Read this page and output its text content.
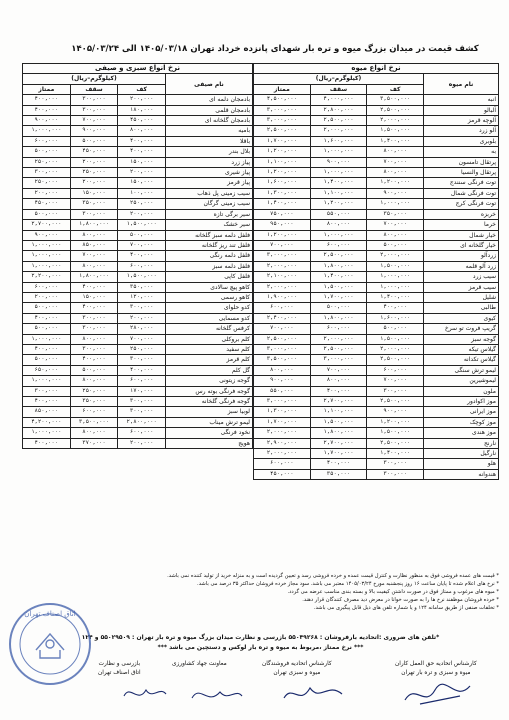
کشف قیمت در میدان بزرگ میوه و تره بار شهدای پانزده خرداد تهران ۱۴۰۵/۰۳/۱۸ الی ۱۴۰۵/۰۳/۲۴
نرخ انواع میوه			
نام میوه	(کیلوگرم–ریال)		
	کف	سقف	ممتاز
انبه	۳,۵۰۰,۰۰۰	۴,۰۰۰,۰۰۰	۴,۵۰۰,۰۰۰
آلبالو	۲,۵۰۰,۰۰۰	۲,۸۰۰,۰۰۰	۳,۰۰۰,۰۰۰
آلوچه قرمز	۲,۰۰۰,۰۰۰	۲,۵۰۰,۰۰۰	۳,۰۰۰,۰۰۰
آلو زرد	۱,۵۰۰,۰۰۰	۲,۰۰۰,۰۰۰	۲,۵۰۰,۰۰۰
بلوبری	۱,۴۰۰,۰۰۰	۱,۶۰۰,۰۰۰	۱,۷۰۰,۰۰۰
به	۸۰۰,۰۰۰	۱,۰۰۰,۰۰۰	۱,۲۰۰,۰۰۰
پرتقال تامسون	۷۰۰,۰۰۰	۹۰۰,۰۰۰	۱,۱۰۰,۰۰۰
پرتقال والنسیا	۸۰۰,۰۰۰	۱,۰۰۰,۰۰۰	۱,۲۰۰,۰۰۰
توت فرنگی سنندج	۱,۲۰۰,۰۰۰	۱,۴۰۰,۰۰۰	۱,۶۰۰,۰۰۰
توت فرنگی شمال	۹۰۰,۰۰۰	۱,۱۰۰,۰۰۰	۱,۳۰۰,۰۰۰
توت فرنگی کرج	۱,۰۰۰,۰۰۰	۱,۲۰۰,۰۰۰	۱,۴۰۰,۰۰۰
خربزه	۳۵۰,۰۰۰	۵۵۰,۰۰۰	۷۵۰,۰۰۰
خرما	۷۰۰,۰۰۰	۸۰۰,۰۰۰	۹۵۰,۰۰۰
خیار شمال	۸۰۰,۰۰۰	۱,۰۰۰,۰۰۰	۱,۲۰۰,۰۰۰
خیار گلخانه ای	۵۰۰,۰۰۰	۶۰۰,۰۰۰	۷۰۰,۰۰۰
زردآلو	۲,۰۰۰,۰۰۰	۲,۵۰۰,۰۰۰	۳,۰۰۰,۰۰۰
زرد آلو قلمه	۱,۵۰۰,۰۰۰	۱,۸۰۰,۰۰۰	۲,۰۰۰,۰۰۰
سیب زرد	۱,۰۰۰,۰۰۰	۱,۴۰۰,۰۰۰	۲,۱۰۰,۰۰۰
سیب قرمز	۱,۰۰۰,۰۰۰	۱,۵۰۰,۰۰۰	۲,۰۰۰,۰۰۰
شلیل	۱,۴۰۰,۰۰۰	۱,۷۰۰,۰۰۰	۱,۹۰۰,۰۰۰
طالبی	۴۰۰,۰۰۰	۵۰۰,۰۰۰	۶۰۰,۰۰۰
کیوی	۱,۶۰۰,۰۰۰	۱,۸۰۰,۰۰۰	۲,۴۰۰,۰۰۰
گریپ فروت تو سرخ	۵۰۰,۰۰۰	۶۰۰,۰۰۰	۷۰۰,۰۰۰
گوجه سبز	۱,۵۰۰,۰۰۰	۲,۰۰۰,۰۰۰	۲,۵۰۰,۰۰۰
گیلاس تیکه	۲,۰۰۰,۰۰۰	۲,۵۰۰,۰۰۰	۳,۰۰۰,۰۰۰
گیلاس تکدانه	۲,۵۰۰,۰۰۰	۳,۰۰۰,۰۰۰	۳,۵۰۰,۰۰۰
لیمو ترش سنگی	۶۰۰,۰۰۰	۷۰۰,۰۰۰	۸۰۰,۰۰۰
لیموشیرین	۷۰۰,۰۰۰	۸۰۰,۰۰۰	۹۰۰,۰۰۰
ملون	۳۰۰,۰۰۰	۴۰۰,۰۰۰	۵۵۰,۰۰۰
موز اکوادور	۲,۵۰۰,۰۰۰	۲,۷۰۰,۰۰۰	۳,۰۰۰,۰۰۰
موز ایرانی	۹۰۰,۰۰۰	۱,۱۰۰,۰۰۰	۱,۳۰۰,۰۰۰
موز کوچک	۱,۲۰۰,۰۰۰	۱,۵۰۰,۰۰۰	۱,۷۰۰,۰۰۰
موز هندی	۱,۵۰۰,۰۰۰	۱,۸۰۰,۰۰۰	۲,۰۰۰,۰۰۰
نارنج	۲,۵۰۰,۰۰۰	۲,۷۰۰,۰۰۰	۲,۹۰۰,۰۰۰
نارگیل	۱,۴۰۰,۰۰۰	۱,۷۰۰,۰۰۰	۲,۰۰۰,۰۰۰
هلو	۳۰۰,۰۰۰	۴۰۰,۰۰۰	۶۰۰,۰۰۰
هندوانه	۳۰۰,۰۰۰	۳۵۰,۰۰۰	۴۵۰,۰۰۰
نرخ انواع سبزی و صیفی			
نام صیفی	(کیلوگرم–ریال)		
	کف	سقف	ممتاز
بادمجان دلمه ای	۲۰۰,۰۰۰	۳۰۰,۰۰۰	۴۰۰,۰۰۰
بادمجان قلمی	۱۸۰,۰۰۰	۳۰۰,۰۰۰	۴۰۰,۰۰۰
بادمجان گلخانه ای	۴۵۰,۰۰۰	۷۰۰,۰۰۰	۹۰۰,۰۰۰
بامیه	۸۰۰,۰۰۰	۹۰۰,۰۰۰	۱,۰۰۰,۰۰۰
باقلا	۴۰۰,۰۰۰	۵۰۰,۰۰۰	۶۰۰,۰۰۰
بلال بندر	۴۰۰,۰۰۰	۴۵۰,۰۰۰	۵۰۰,۰۰۰
پیاز زرد	۱۵۰,۰۰۰	۲۰۰,۰۰۰	۲۵۰,۰۰۰
پیاز شیری	۲۰۰,۰۰۰	۲۵۰,۰۰۰	۳۰۰,۰۰۰
پیاز قرمز	۱۵۰,۰۰۰	۲۰۰,۰۰۰	۲۵۰,۰۰۰
سیب زمینی پل ذهاب	۱۰۰,۰۰۰	۱۵۰,۰۰۰	۲۰۰,۰۰۰
سیب زمینی گرگان	۲۵۰,۰۰۰	۳۵۰,۰۰۰	۴۵۰,۰۰۰
سیر برگی تازه	۲۰۰,۰۰۰	۳۰۰,۰۰۰	۵۰۰,۰۰۰
سیر خشک	۱,۵۰۰,۰۰۰	۱,۸۰۰,۰۰۰	۲,۷۰۰,۰۰۰
فلفل دلمه سبز گلخانه	۵۰۰,۰۰۰	۸۰۰,۰۰۰	۹۰۰,۰۰۰
فلفل تند ریز گلخانه	۷۰۰,۰۰۰	۸۵۰,۰۰۰	۱,۰۰۰,۰۰۰
فلفل دلمه رنگی	۴۰۰,۰۰۰	۷۰۰,۰۰۰	۱,۰۰۰,۰۰۰
فلفل دلمه سبز	۶۰۰,۰۰۰	۸۰۰,۰۰۰	۱,۰۰۰,۰۰۰
فلفل کاپی	۱,۵۰۰,۰۰۰	۱,۸۰۰,۰۰۰	۲,۲۰۰,۰۰۰
کاهو پیچ سالادی	۳۵۰,۰۰۰	۴۰۰,۰۰۰	۶۰۰,۰۰۰
کاهو رسمی	۱۲۰,۰۰۰	۱۵۰,۰۰۰	۲۰۰,۰۰۰
کدو حلوای	۳۰۰,۰۰۰	۴۰۰,۰۰۰	۵۰۰,۰۰۰
کدو مسمایی	۲۰۰,۰۰۰	۳۰۰,۰۰۰	۴۰۰,۰۰۰
کرفس گلخانه	۲۸۰,۰۰۰	۳۰۰,۰۰۰	۵۰۰,۰۰۰
کلم بروکلی	۷۰۰,۰۰۰	۸۰۰,۰۰۰	۱,۰۰۰,۰۰۰
کلم سفید	۲۵۰,۰۰۰	۳۰۰,۰۰۰	۴۰۰,۰۰۰
کلم قرمز	۳۰۰,۰۰۰	۴۰۰,۰۰۰	۵۰۰,۰۰۰
گل کلم	۴۰۰,۰۰۰	۵۰۰,۰۰۰	۶۵۰,۰۰۰
گوجه زیتونی	۶۰۰,۰۰۰	۸۰۰,۰۰۰	۱,۰۰۰,۰۰۰
گوجه فرنگی بوته رس	۱۷۰,۰۰۰	۲۵۰,۰۰۰	۳۰۰,۰۰۰
گوجه فرنگی گلخانه	۳۰۰,۰۰۰	۳۵۰,۰۰۰	۴۰۰,۰۰۰
لوبیا سبز	۳۰۰,۰۰۰	۶۰۰,۰۰۰	۸۵۰,۰۰۰
لیمو ترش میناب	۲,۸۰۰,۰۰۰	۳,۵۰۰,۰۰۰	۴,۲۰۰,۰۰۰
نخود فرنگی	۶۰۰,۰۰۰	۸۰۰,۰۰۰	۱,۰۰۰,۰۰۰
هویج	۲۰۰,۰۰۰	۳۷۰,۰۰۰	۴۰۰,۰۰۰

* قیمت های عمده فروشی فوق به منظور نظارت و کنترل قیمت عمده و خرده فروشی رسد و تعیین گردیده است و به منزله خرید از تولید کننده نمی باشد.

* نرخ های اعلام شده تا پایان ساعت ۱۶ روز پنجشنبه مورخ ۱۴۰۵/۰۳/۲۴ معتبر می باشد. سود مجاز خرده فروشان حداکثر ۳۵ درصد می باشد.

* میوه های مرغوب و ممتاز فوق در صورت داشتن کیفیت بالا و بسته بندی مناسب عرضه می گردد.

* خرده فروشان موظفند نرخ ها را به صورت خوانا در معرض دید مصرف کنندگان قرار دهند.

* تخلفات صنفی از طریق سامانه ۱۲۴ و یا شماره تلفن های ذیل قابل پیگیری می باشد.

*تلفن های ضروری :اتحادیه بارفروشان : ۵۵۰۴۹۲۶۸ بازرسی و نظارت میدان بزرگ میوه و تره بار تهران : ۵۵۰۲۹۵۰۹ و ۱۲۴
*** نرخ ممتاز ،مربوط به میوه و تره بار لوکس و دستچین می باشد ***
کارشناس اتحادیه حق العمل کاران
میوه و سبزی و تره بار تهران
کارشناس اتحادیه فروشندگان
میوه و سبزی تهران
معاونت جهاد کشاورزی
بازرسی و نظارت
اتاق اصناف تهران
اتاق اصناف تهران
